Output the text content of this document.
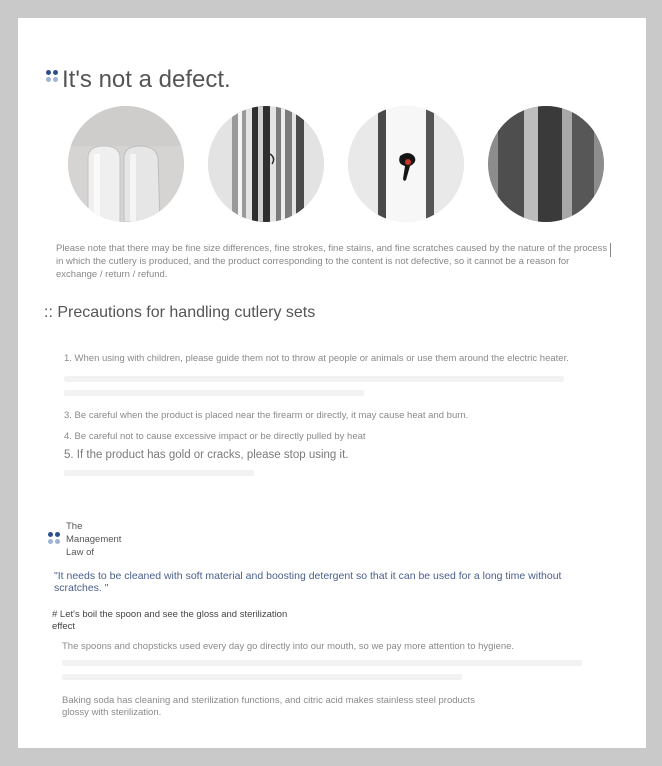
It's not a defect.
Please note that there may be fine size differences, fine strokes, fine stains, and fine scratches caused by the nature of the process in which the cutlery is produced, and the product corresponding to the content is not defective, so it cannot be a reason for exchange / return / refund.
:: Precautions for handling cutlery sets
1. When using with children, please guide them not to throw at people or animals or use them around the electric heater.
3. Be careful when the product is placed near the firearm or directly, it may cause heat and burn.
4. Be careful not to cause excessive impact or be directly pulled by heat
5. If the product has gold or cracks, please stop using it.
The
Management
Law of
"It needs to be cleaned with soft material and boosting detergent so that it can be used for a long time without scratches. "
# Let's boil the spoon and see the gloss and sterilization effect
The spoons and chopsticks used every day go directly into our mouth, so we pay more attention to hygiene.
Baking soda has cleaning and sterilization functions, and citric acid makes stainless steel products glossy with sterilization.
